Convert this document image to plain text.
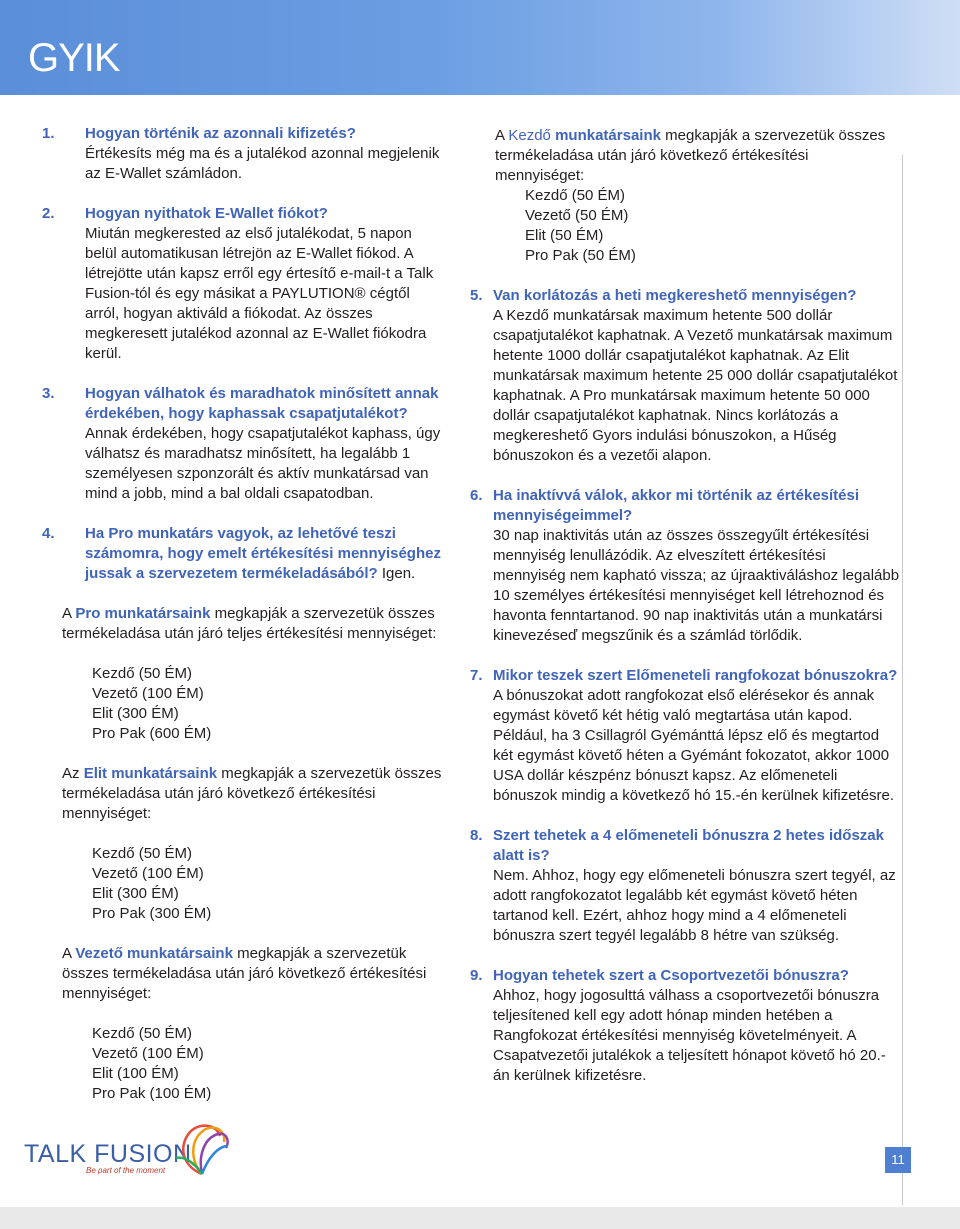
GYIK
1. Hogyan történik az azonnali kifizetés?

Értékesíts még ma és a jutalékod azonnal megjelenik az E-Wallet számládon.

2. Hogyan nyithatok E-Wallet fiókot?

Miután megkerested az első jutalékodat, 5 napon belül automatikusan létrejön az E-Wallet fiókod. A létrejötte után kapsz erről egy értesítő e-mail-t a Talk Fusion-tól és egy másikat a PAYLUTION® cégtől arról, hogyan aktiváld a fiókodat. Az összes megkeresett jutalékod azonnal az E-Wallet fiókodra kerül.

3. Hogyan válhatok és maradhatok minősített annak érdekében, hogy kaphassak csapatjutalékot?

Annak érdekében, hogy csapatjutalékot kaphass, úgy válhatsz és maradhatsz minősített, ha legalább 1 személyesen szponzorált és aktív munkatársad van mind a jobb, mind a bal oldali csapatodban.

4. Ha Pro munkatárs vagyok, az lehetővé teszi számomra, hogy emelt értékesítési mennyiséghez jussak a szervezetem termékeladásából? Igen.

A Pro munkatársaink megkapják a szervezetük összes termékeladása után járó teljes értékesítési mennyiséget:

Kezdő (50 ÉM)
Vezető (100 ÉM)
Elit (300 ÉM)
Pro Pak (600 ÉM)

Az Elit munkatársaink megkapják a szervezetük összes termékeladása után járó következő értékesítési mennyiséget:

Kezdő (50 ÉM)
Vezető (100 ÉM)
Elit (300 ÉM)
Pro Pak (300 ÉM)

A Vezető munkatársaink megkapják a szervezetük összes termékeladása után járó következő értékesítési mennyiséget:

Kezdő (50 ÉM)
Vezető (100 ÉM)
Elit (100 ÉM)
Pro Pak (100 ÉM)

A Kezdő munkatársaink megkapják a szervezetük összes termékeladása után járó következő értékesítési mennyiséget:

Kezdő (50 ÉM)
Vezető (50 ÉM)
Elit (50 ÉM)
Pro Pak (50 ÉM)
5. Van korlátozás a heti megkereshető mennyiségen?

A Kezdő munkatársak maximum hetente 500 dollár csapatjutalékot kaphatnak. A Vezető munkatársak maximum hetente 1000 dollár csapatjutalékot kaphatnak. Az Elit munkatársak maximum hetente 25 000 dollár csapatjutalékot kaphatnak. A Pro munkatársak maximum hetente 50 000 dollár csapatjutalékot kaphatnak. Nincs korlátozás a megkereshető Gyors indulási bónuszokon, a Hűség bónuszokon és a vezetői alapon.

6. Ha inaktívvá válok, akkor mi történik az értékesítési mennyiségeimmel?

30 nap inaktivitás után az összes összegyűlt értékesítési mennyiség lenullázódik. Az elveszített értékesítési mennyiség nem kapható vissza; az újraaktiváláshoz legalább 10 személyes értékesítési mennyiséget kell létrehoznod és havonta fenntartanod. 90 nap inaktivitás után a munkatársi kinevezéseď megszűnik és a számlád törlődik.

7. Mikor teszek szert Előmeneteli rangfokozat bónuszokra?

A bónuszokat adott rangfokozat első elérésekor és annak egymást követő két hétig való megtartása után kapod. Például, ha 3 Csillagról Gyémánttá lépsz elő és megtartod két egymást követő héten a Gyémánt fokozatot, akkor 1000 USA dollár készpénz bónuszt kapsz. Az előmeneteli bónuszok mindig a következő hó 15.-én kerülnek kifizetésre.

8. Szert tehetek a 4 előmeneteli bónuszra 2 hetes időszak alatt is?

Nem. Ahhoz, hogy egy előmeneteli bónuszra szert tegyél, az adott rangfokozatot legalább két egymást követő héten tartanod kell. Ezért, ahhoz hogy mind a 4 előmeneteli bónuszra szert tegyél legalább 8 hétre van szükség.

9. Hogyan tehetek szert a Csoportvezetői bónuszra?

Ahhoz, hogy jogosulttá válhass a csoportvezetői bónuszra teljesítened kell egy adott hónap minden hetében a Rangfokozat értékesítési mennyiség követelményeit. A Csapatvezetői jutalékok a teljesített hónapot követő hó 20.-án kerülnek kifizetésre.

TALK FUSION
Be part of the moment
11
